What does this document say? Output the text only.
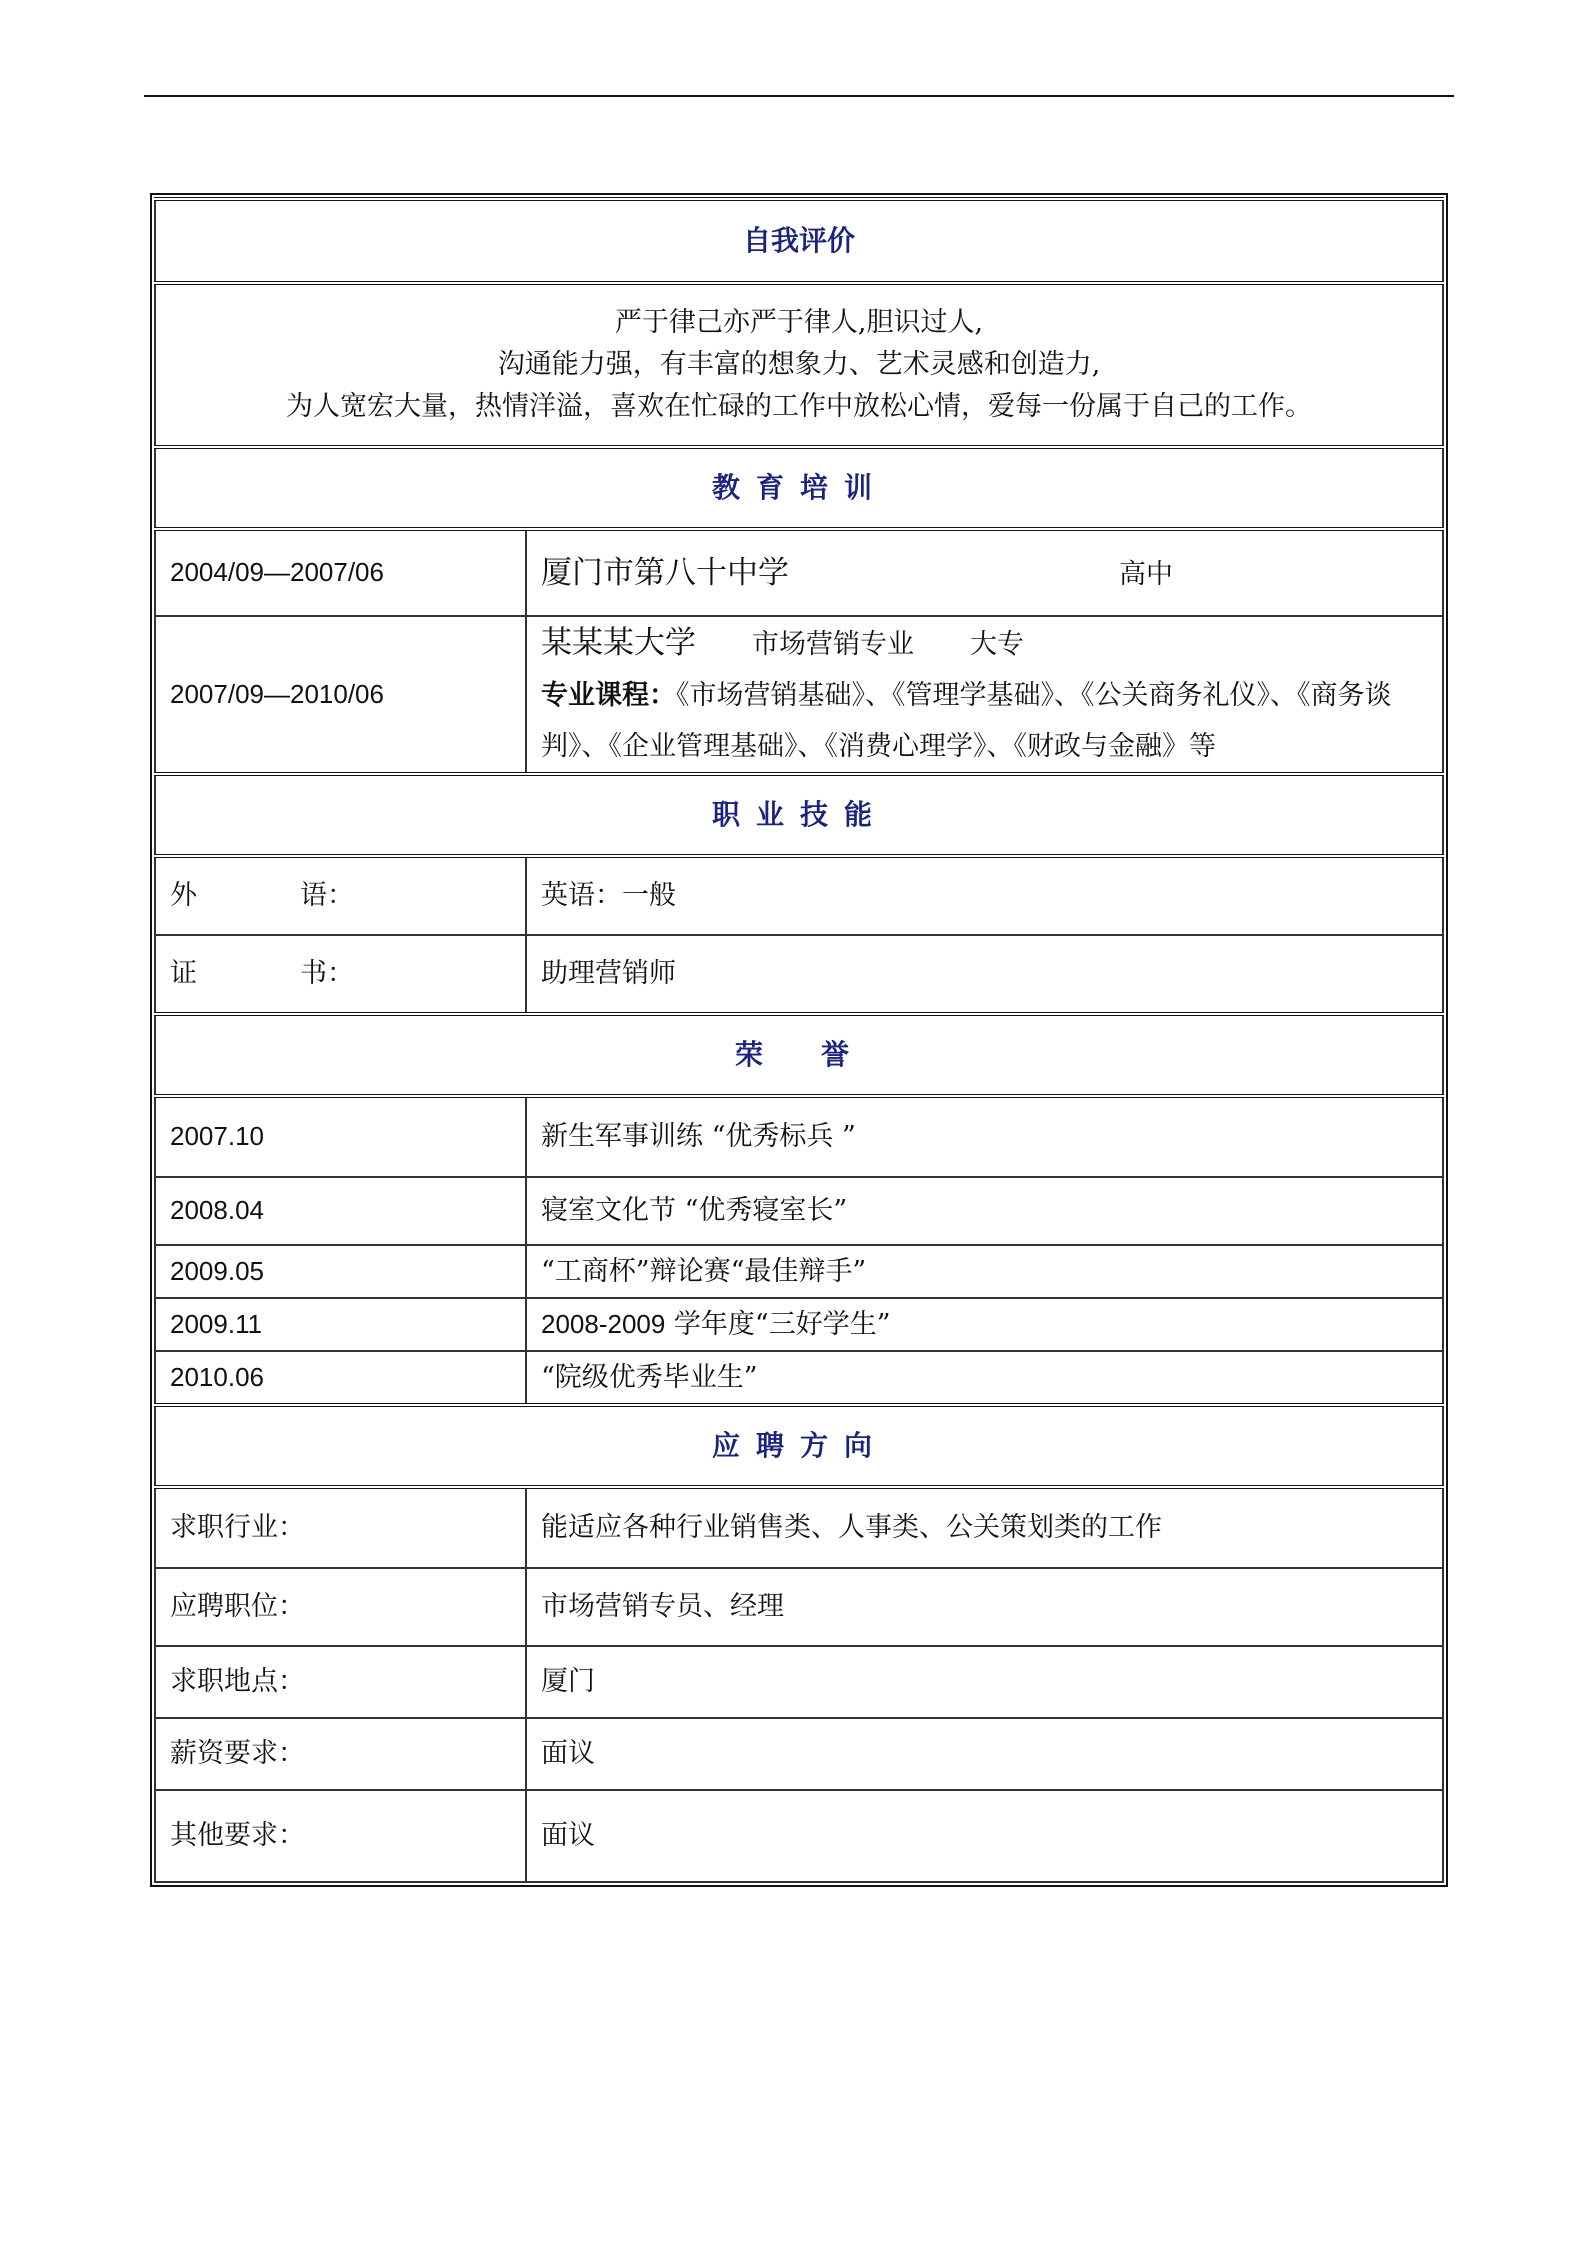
自我评价	

严于律己亦严于律人,胆识过人,
沟通能力强，有丰富的想象力、艺术灵感和创造力,
为人宽宏大量，热情洋溢，喜欢在忙碌的工作中放松心情，爱每一份属于自己的工作。	

教育培训	
2004/09—2007/06	厦门市第八十中学 高中
2007/09—2010/06	某某某大学 市场营销专业 大专
专业课程：《市场营销基础》、《管理学基础》、《公关商务礼仪》、《商务谈判》、《企业管理基础》、《消费心理学》、《财政与金融》等

职业技能	
外 语：	英语：一般
证 书：	助理营销师
荣誉	
2007.10	新生军事训练 “优秀标兵 ”
2008.04	寝室文化节 “优秀寝室长”
2009.05	“工商杯”辩论赛“最佳辩手”
2009.11	2008-2009 学年度“三好学生”
2010.06	“院级优秀毕业生”
应聘方向	
求职行业：	能适应各种行业销售类、人事类、公关策划类的工作
应聘职位：	市场营销专员、经理
求职地点：	厦门
薪资要求：	面议
其他要求：	面议
